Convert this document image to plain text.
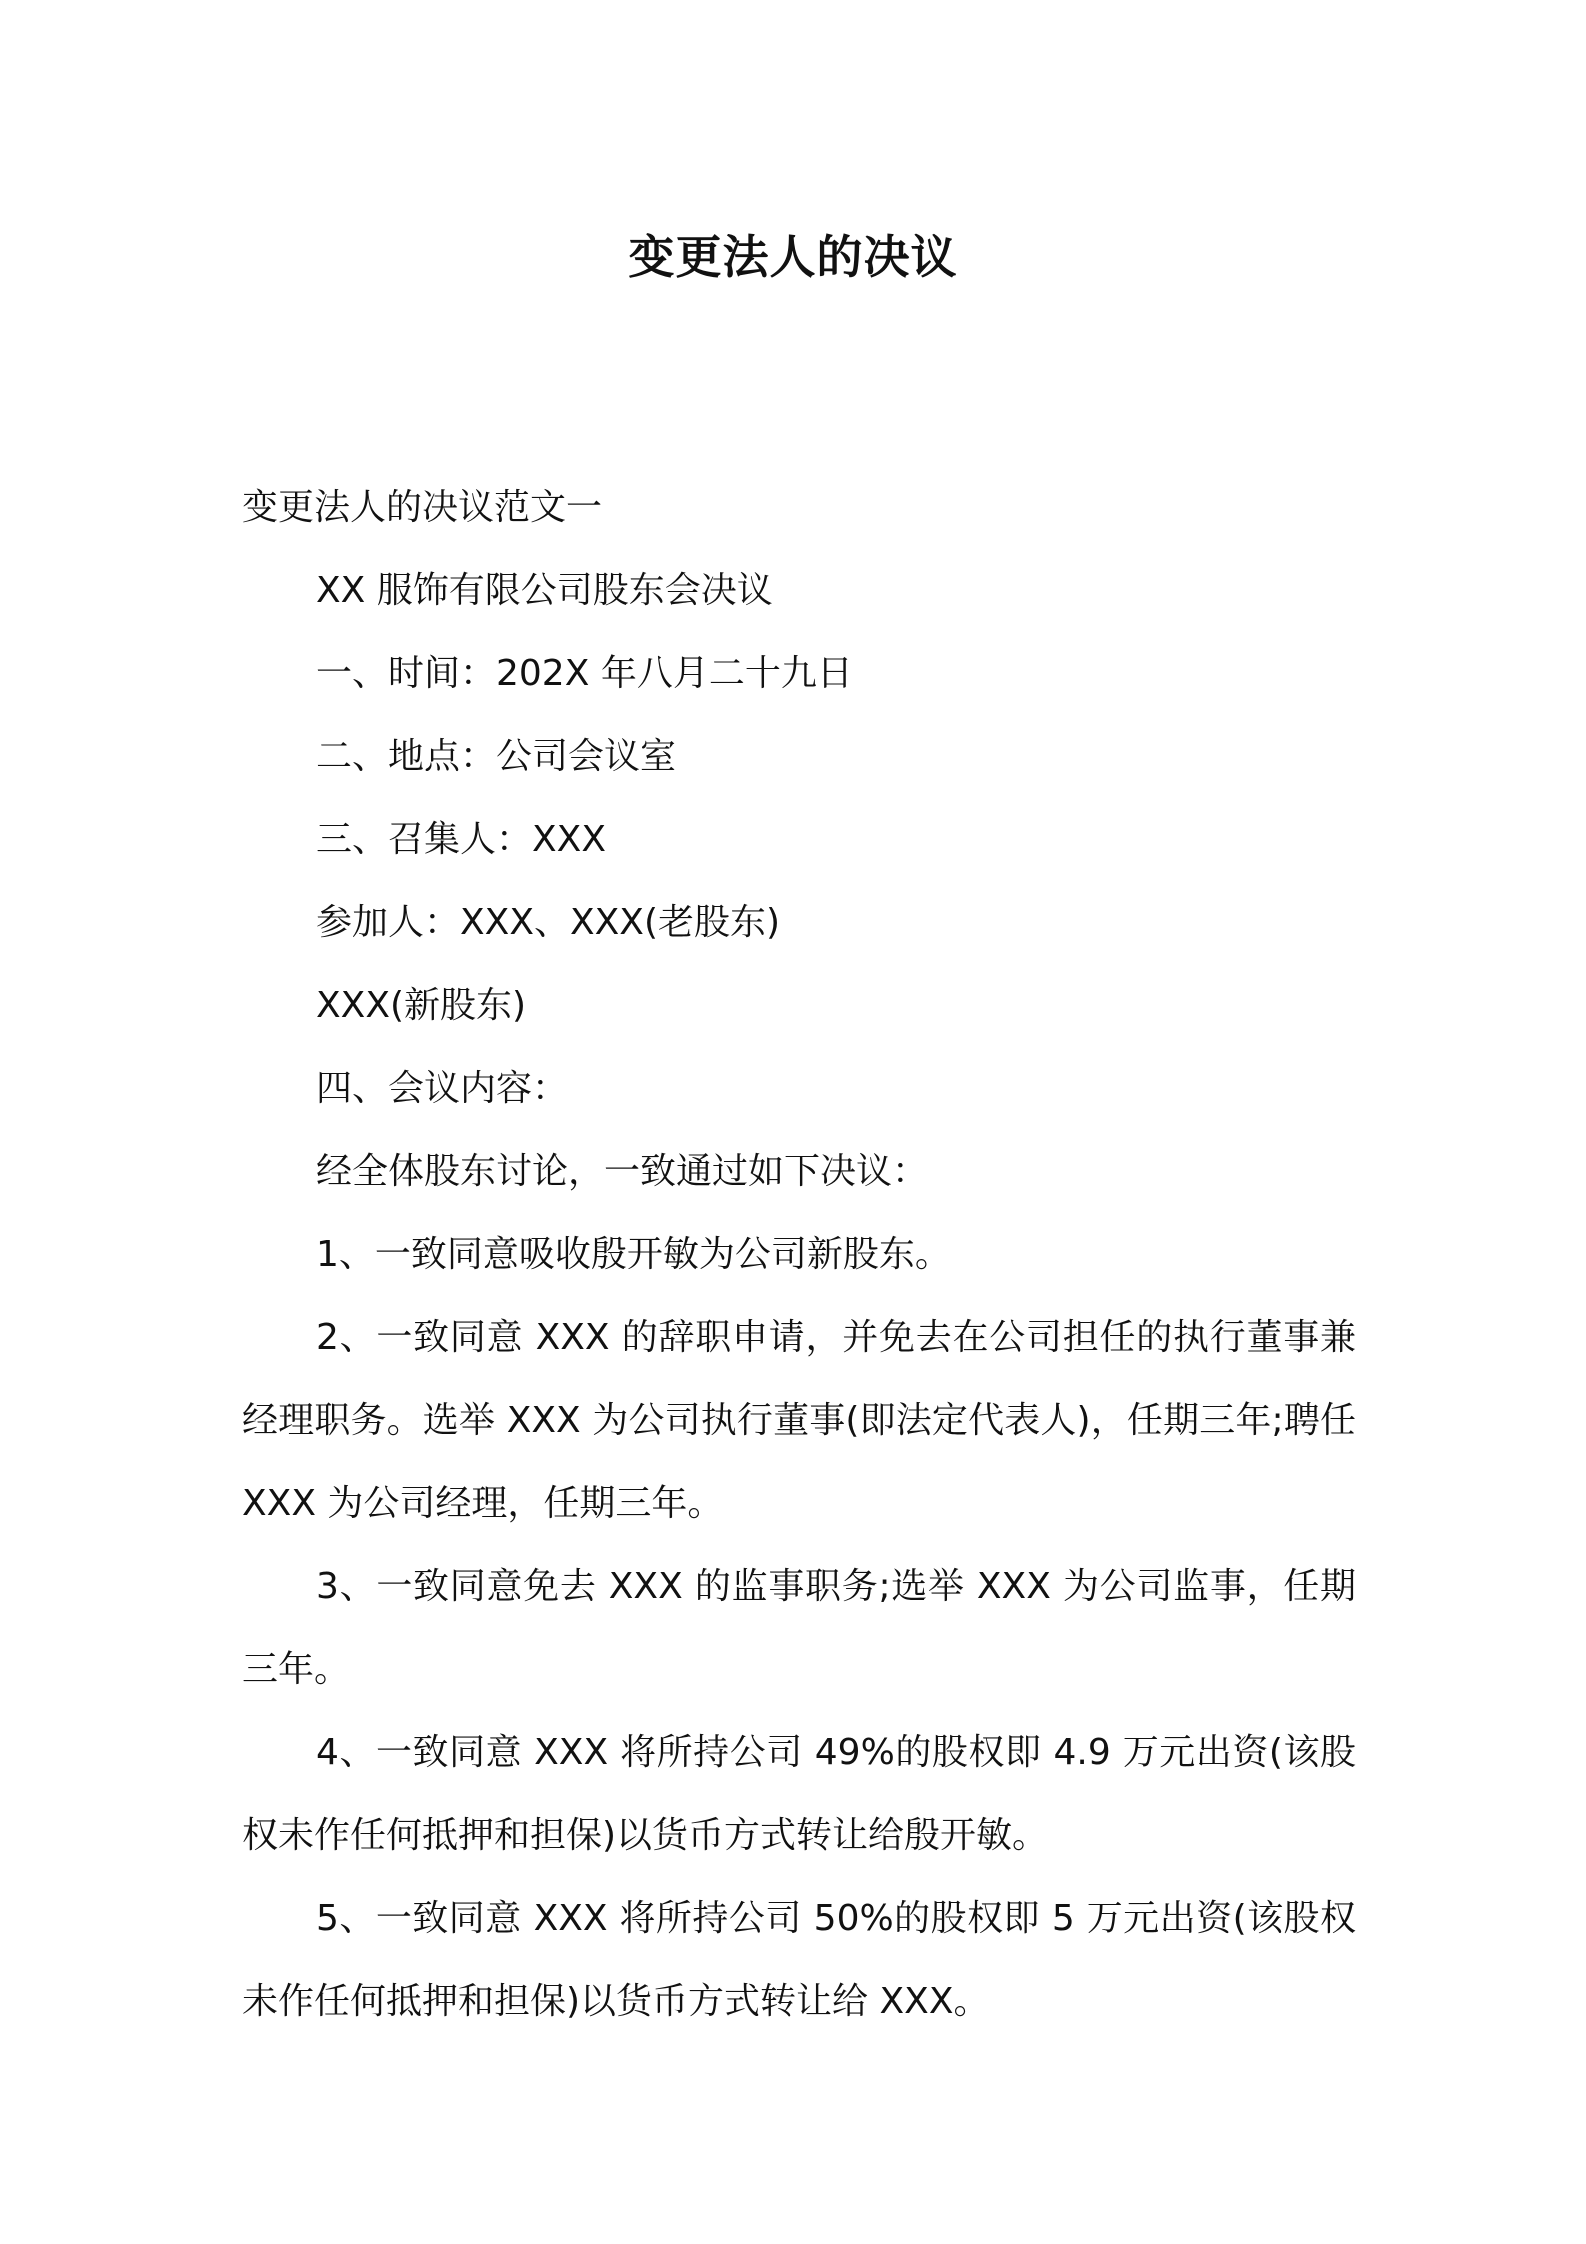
变更法人的决议
变更法人的决议范文一
XX 服饰有限公司股东会决议
一、时间：202X 年八月二十九日
二、地点：公司会议室
三、召集人：XXX
参加人：XXX、XXX(老股东)
XXX(新股东)
四、会议内容：
经全体股东讨论，一致通过如下决议：
1、一致同意吸收殷开敏为公司新股东。
2、一致同意 XXX 的辞职申请，并免去在公司担任的执行董事兼经理职务。选举 XXX 为公司执行董事(即法定代表人)，任期三年;聘任 XXX 为公司经理，任期三年。
3、一致同意免去 XXX 的监事职务;选举 XXX 为公司监事，任期三年。
4、一致同意 XXX 将所持公司 49%的股权即 4.9 万元出资(该股权未作任何抵押和担保)以货币方式转让给殷开敏。
5、一致同意 XXX 将所持公司 50%的股权即 5 万元出资(该股权未作任何抵押和担保)以货币方式转让给 XXX。
